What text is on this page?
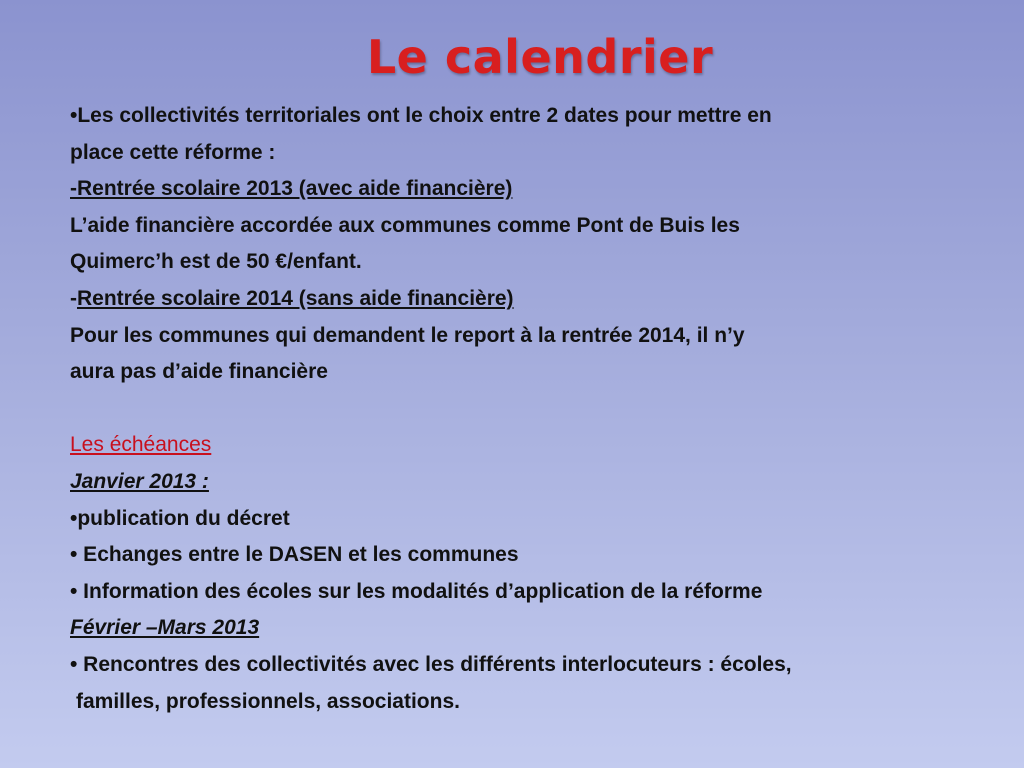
Le calendrier
•Les collectivités territoriales ont le choix entre 2 dates pour mettre en
place cette réforme :
-Rentrée scolaire 2013 (avec aide financière)
L’aide financière accordée aux communes comme Pont de Buis les
Quimerc’h est de 50 €/enfant.
-Rentrée scolaire 2014 (sans aide financière)
Pour les communes qui demandent le report à la rentrée 2014, il n’y
aura pas d’aide financière
Les échéances
Janvier 2013 :
•publication du décret
• Echanges entre le DASEN et les communes
• Information des écoles sur les modalités d’application de la réforme
Février –Mars 2013
• Rencontres des collectivités avec les différents interlocuteurs : écoles,
familles, professionnels, associations.
